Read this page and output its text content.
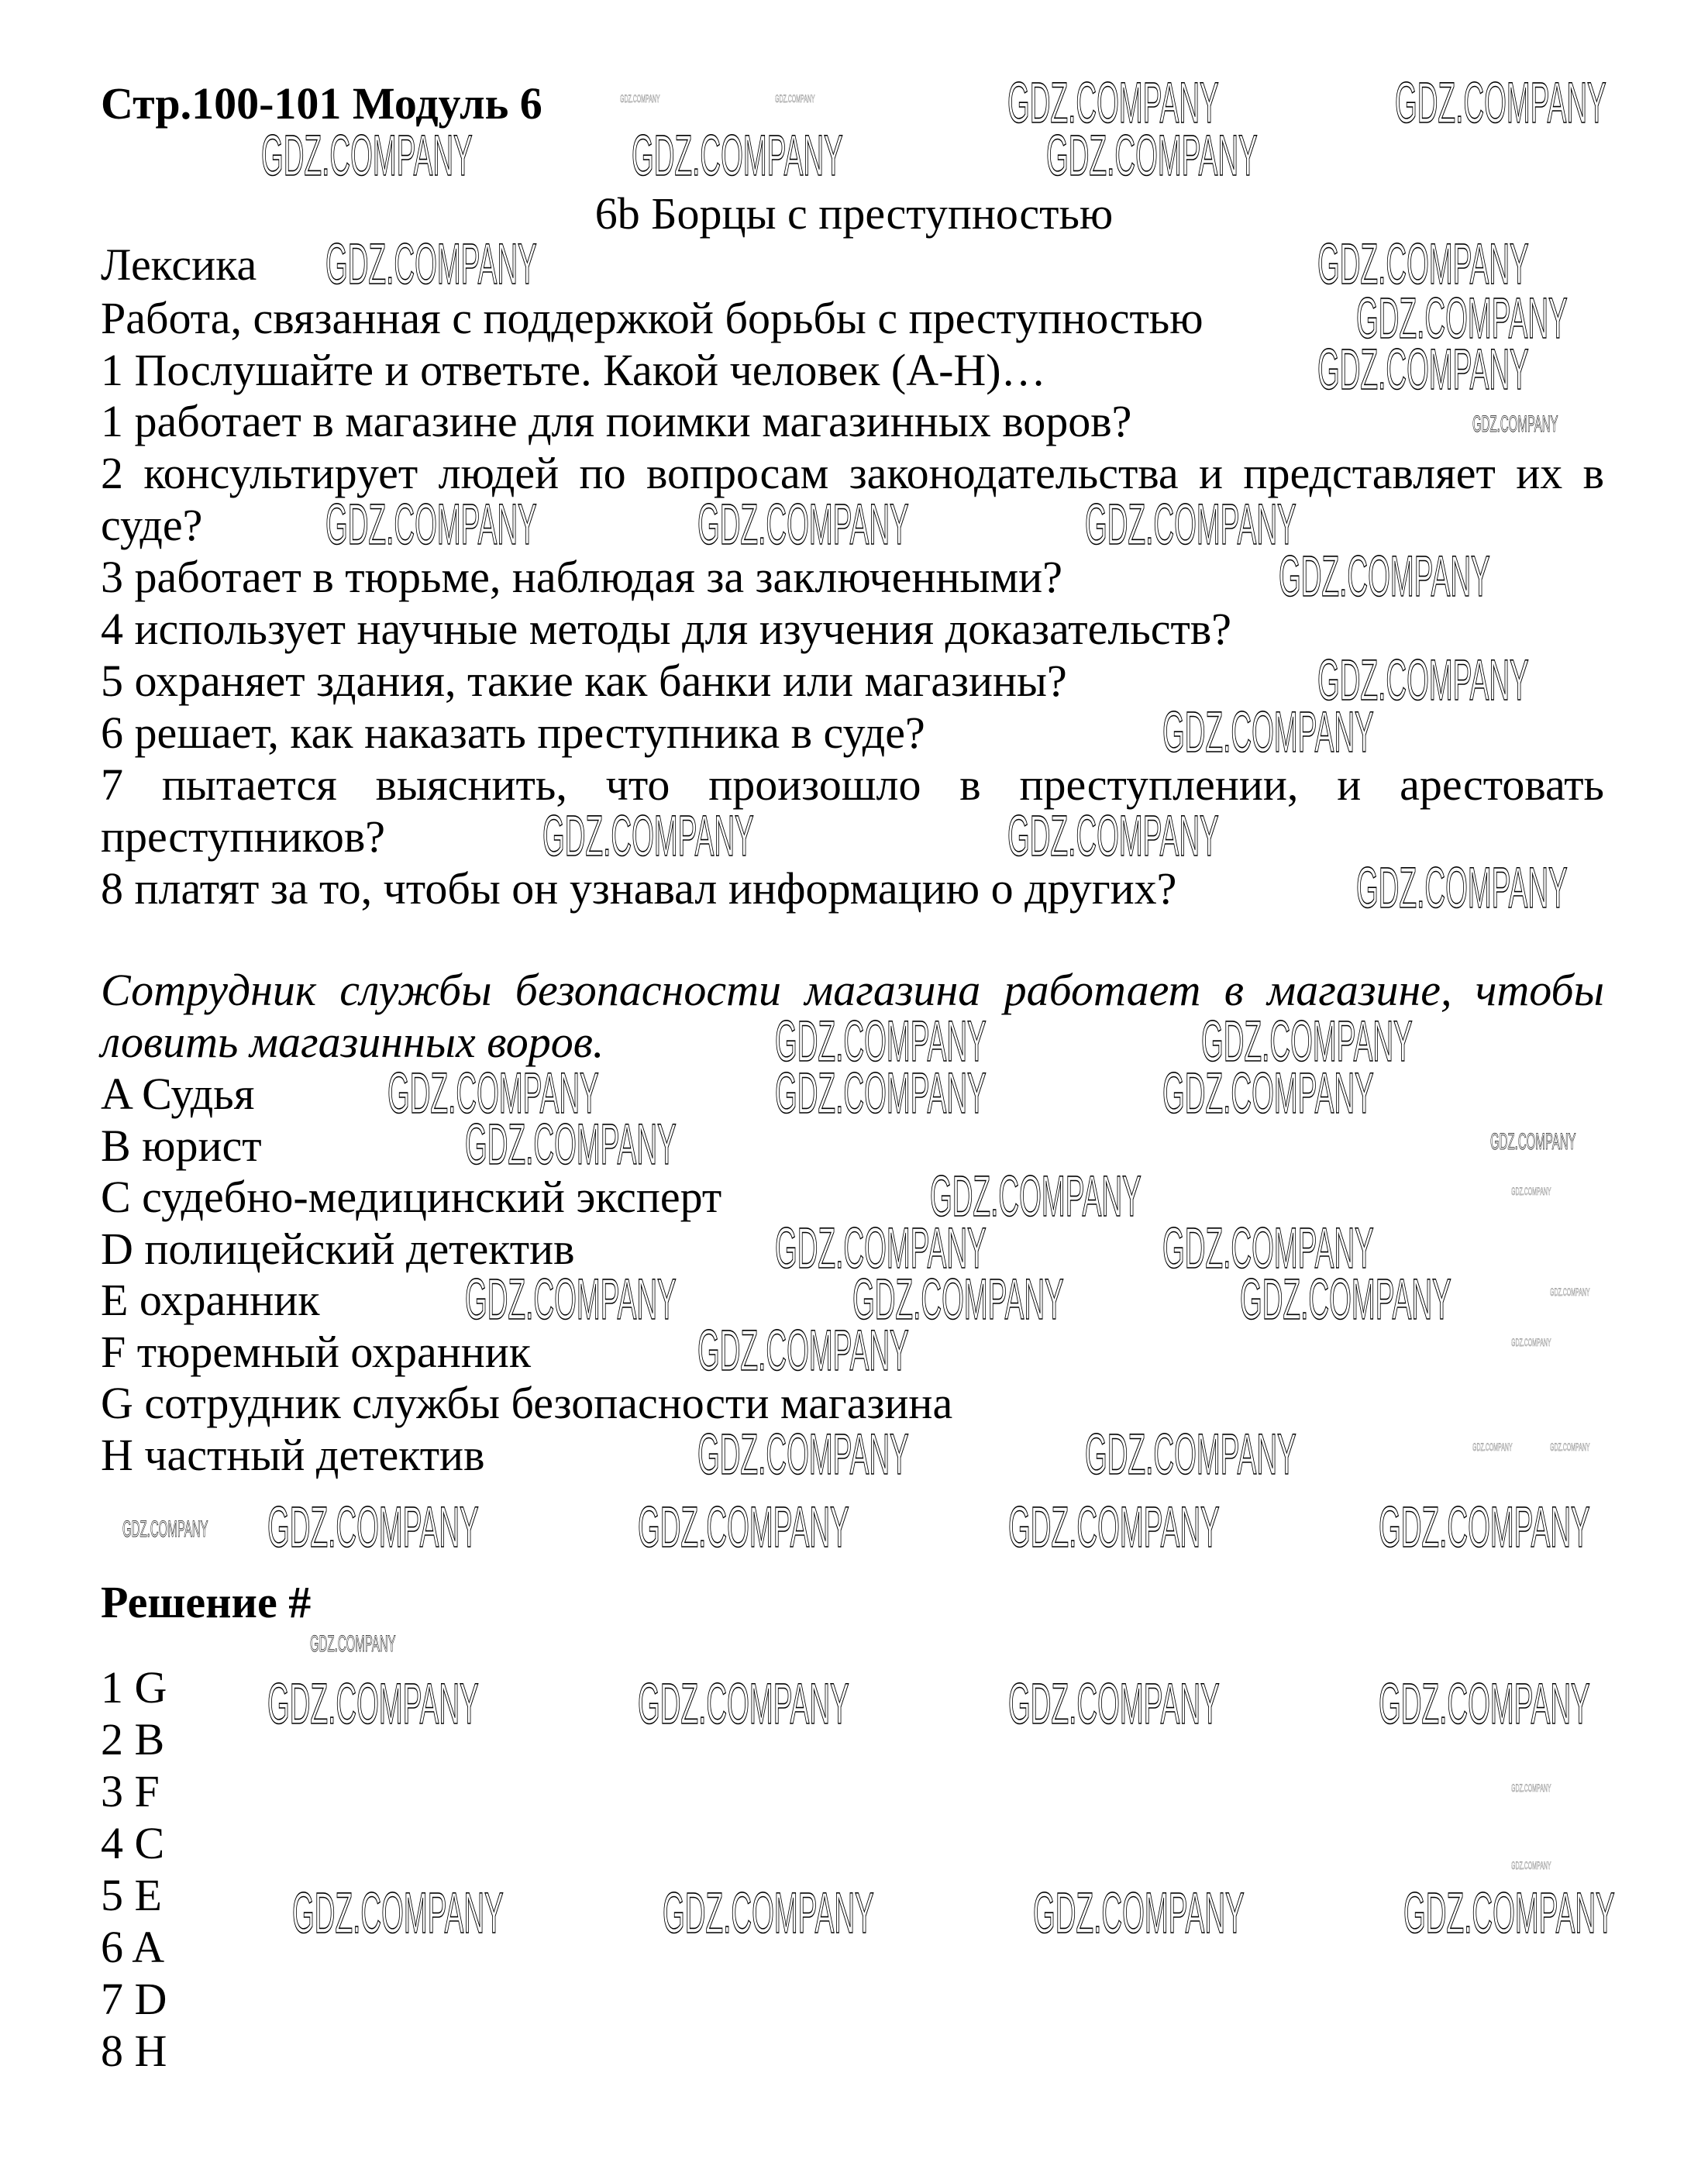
Стр.100-101 Модуль 6
6b Борцы с преступностью
Лексика
Работа, связанная с поддержкой борьбы с преступностью
1 Послушайте и ответьте. Какой человек (A-H)…
1 работает в магазине для поимки магазинных воров?
2 консультирует людей по вопросам законодательства и представляет их в
суде?
3 работает в тюрьме, наблюдая за заключенными?
4 использует научные методы для изучения доказательств?
5 охраняет здания, такие как банки или магазины?
6 решает, как наказать преступника в суде?
7 пытается выяснить, что произошло в преступлении, и арестовать
преступников?
8 платят за то, чтобы он узнавал информацию о других?
Сотрудник службы безопасности магазина работает в магазине, чтобы
ловить магазинных воров.
A Судья
B юрист
C судебно-медицинский эксперт
D полицейский детектив
E охранник
F тюремный охранник
G сотрудник службы безопасности магазина
H частный детектив
Решение #
1 G
2 B
3 F
4 C
5 E
6 A
7 D
8 H
GDZ.COMPANY	GDZ.COMPANY
GDZ.COMPANY	GDZ.COMPANY	GDZ.COMPANY
GDZ.COMPANY	GDZ.COMPANY
GDZ.COMPANY
GDZ.COMPANY
GDZ.COMPANY
GDZ.COMPANY	GDZ.COMPANY	GDZ.COMPANY
GDZ.COMPANY
GDZ.COMPANY
GDZ.COMPANY
GDZ.COMPANY	GDZ.COMPANY
GDZ.COMPANY
GDZ.COMPANY	GDZ.COMPANY
GDZ.COMPANY	GDZ.COMPANY	GDZ.COMPANY
GDZ.COMPANY	GDZ.COMPANY
GDZ.COMPANY
GDZ.COMPANY	GDZ.COMPANY
GDZ.COMPANY	GDZ.COMPANY	GDZ.COMPANY
GDZ.COMPANY
GDZ.COMPANY	GDZ.COMPANY
GDZ.COMPANY GDZ.COMPANY	GDZ.COMPANY	GDZ.COMPANY	GDZ.COMPANY
GDZ.COMPANY
GDZ.COMPANY	GDZ.COMPANY	GDZ.COMPANY	GDZ.COMPANY
GDZ.COMPANY	GDZ.COMPANY	GDZ.COMPANY	GDZ.COMPANY
GDZ.COMPANY	GDZ.COMPANY
GDZ.COMPANY
GDZ.COMPANY
GDZ.COMPANY
GDZ.COMPANY	GDZ.COMPANY
GDZ.COMPANY
GDZ.COMPANY
